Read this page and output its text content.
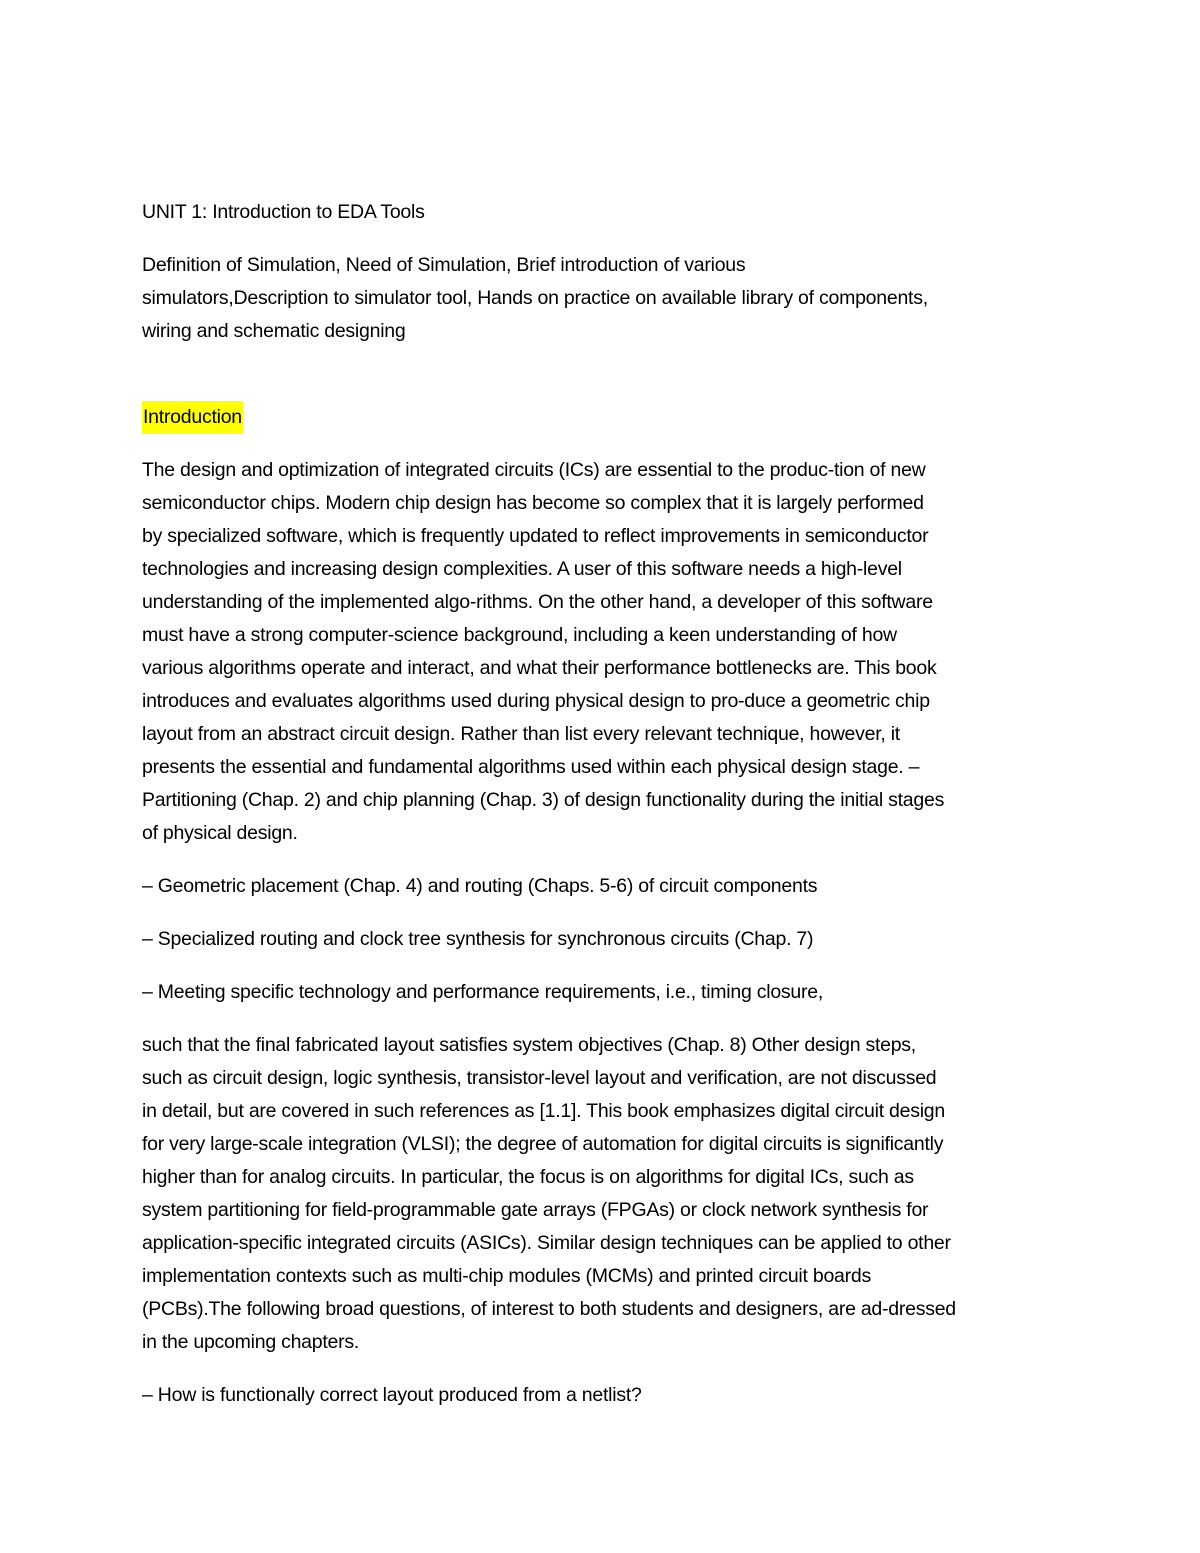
UNIT 1: Introduction to EDA Tools

Definition of Simulation, Need of Simulation, Brief introduction of various
simulators,Description to simulator tool, Hands on practice on available library of components,
wiring and schematic designing

Introduction

The design and optimization of integrated circuits (ICs) are essential to the produc-tion of new
semiconductor chips. Modern chip design has become so complex that it is largely performed
by specialized software, which is frequently updated to reflect improvements in semiconductor
technologies and increasing design complexities. A user of this software needs a high-level
understanding of the implemented algo-rithms. On the other hand, a developer of this software
must have a strong computer-science background, including a keen understanding of how
various algorithms operate and interact, and what their performance bottlenecks are. This book
introduces and evaluates algorithms used during physical design to pro-duce a geometric chip
layout from an abstract circuit design. Rather than list every relevant technique, however, it
presents the essential and fundamental algorithms used within each physical design stage. –
Partitioning (Chap. 2) and chip planning (Chap. 3) of design functionality during the initial stages
of physical design.

– Geometric placement (Chap. 4) and routing (Chaps. 5-6) of circuit components

– Specialized routing and clock tree synthesis for synchronous circuits (Chap. 7)

– Meeting specific technology and performance requirements, i.e., timing closure,

such that the final fabricated layout satisfies system objectives (Chap. 8) Other design steps,
such as circuit design, logic synthesis, transistor-level layout and verification, are not discussed
in detail, but are covered in such references as [1.1]. This book emphasizes digital circuit design
for very large-scale integration (VLSI); the degree of automation for digital circuits is significantly
higher than for analog circuits. In particular, the focus is on algorithms for digital ICs, such as
system partitioning for field-programmable gate arrays (FPGAs) or clock network synthesis for
application-specific integrated circuits (ASICs). Similar design techniques can be applied to other
implementation contexts such as multi-chip modules (MCMs) and printed circuit boards
(PCBs).The following broad questions, of interest to both students and designers, are ad-dressed
in the upcoming chapters.

– How is functionally correct layout produced from a netlist?
